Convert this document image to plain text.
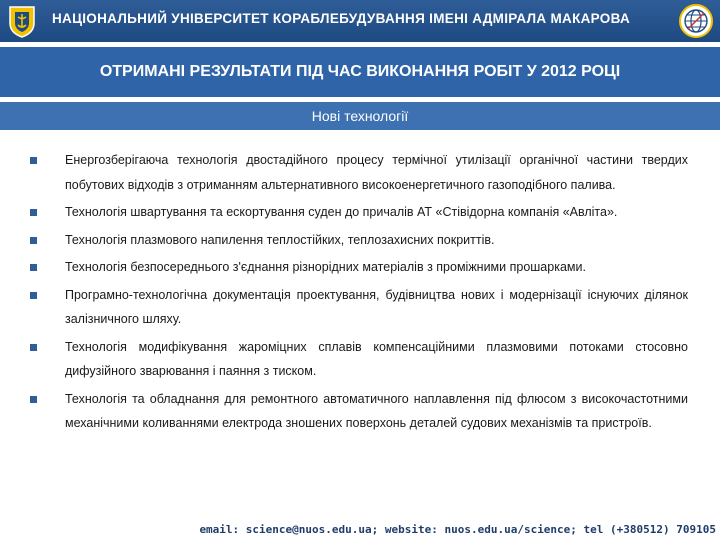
НАЦІОНАЛЬНИЙ УНІВЕРСИТЕТ КОРАБЛЕБУДУВАННЯ ІМЕНІ АДМІРАЛА МАКАРОВА
ОТРИМАНІ РЕЗУЛЬТАТИ ПІД ЧАС ВИКОНАННЯ РОБІТ У 2012 РОЦІ
Нові технології
Енергозберігаюча технологія двостадійного процесу термічної утилізації органічної частини твердих побутових відходів з отриманням альтернативного високоенергетичного газоподібного палива.
Технологія швартування та ескортування суден до причалів АТ «Стівідорна компанія «Авліта».
Технологія плазмового напилення теплостійких, теплозахисних покриттів.
Технологія безпосереднього з'єднання різнорідних матеріалів з проміжними прошарками.
Програмно-технологічна документація проектування, будівництва нових і модернізації існуючих ділянок залізничного шляху.
Технологія модифікування жароміцних сплавів компенсаційними плазмовими потоками стосовно дифузійного зварювання і паяння з тиском.
Технологія та обладнання для ремонтного автоматичного наплавлення під флюсом з високочастотними механічними коливаннями електрода зношених поверхонь деталей судових механізмів та пристроїв.
email: science@nuos.edu.ua; website: nuos.edu.ua/science; tel (+380512) 709105
